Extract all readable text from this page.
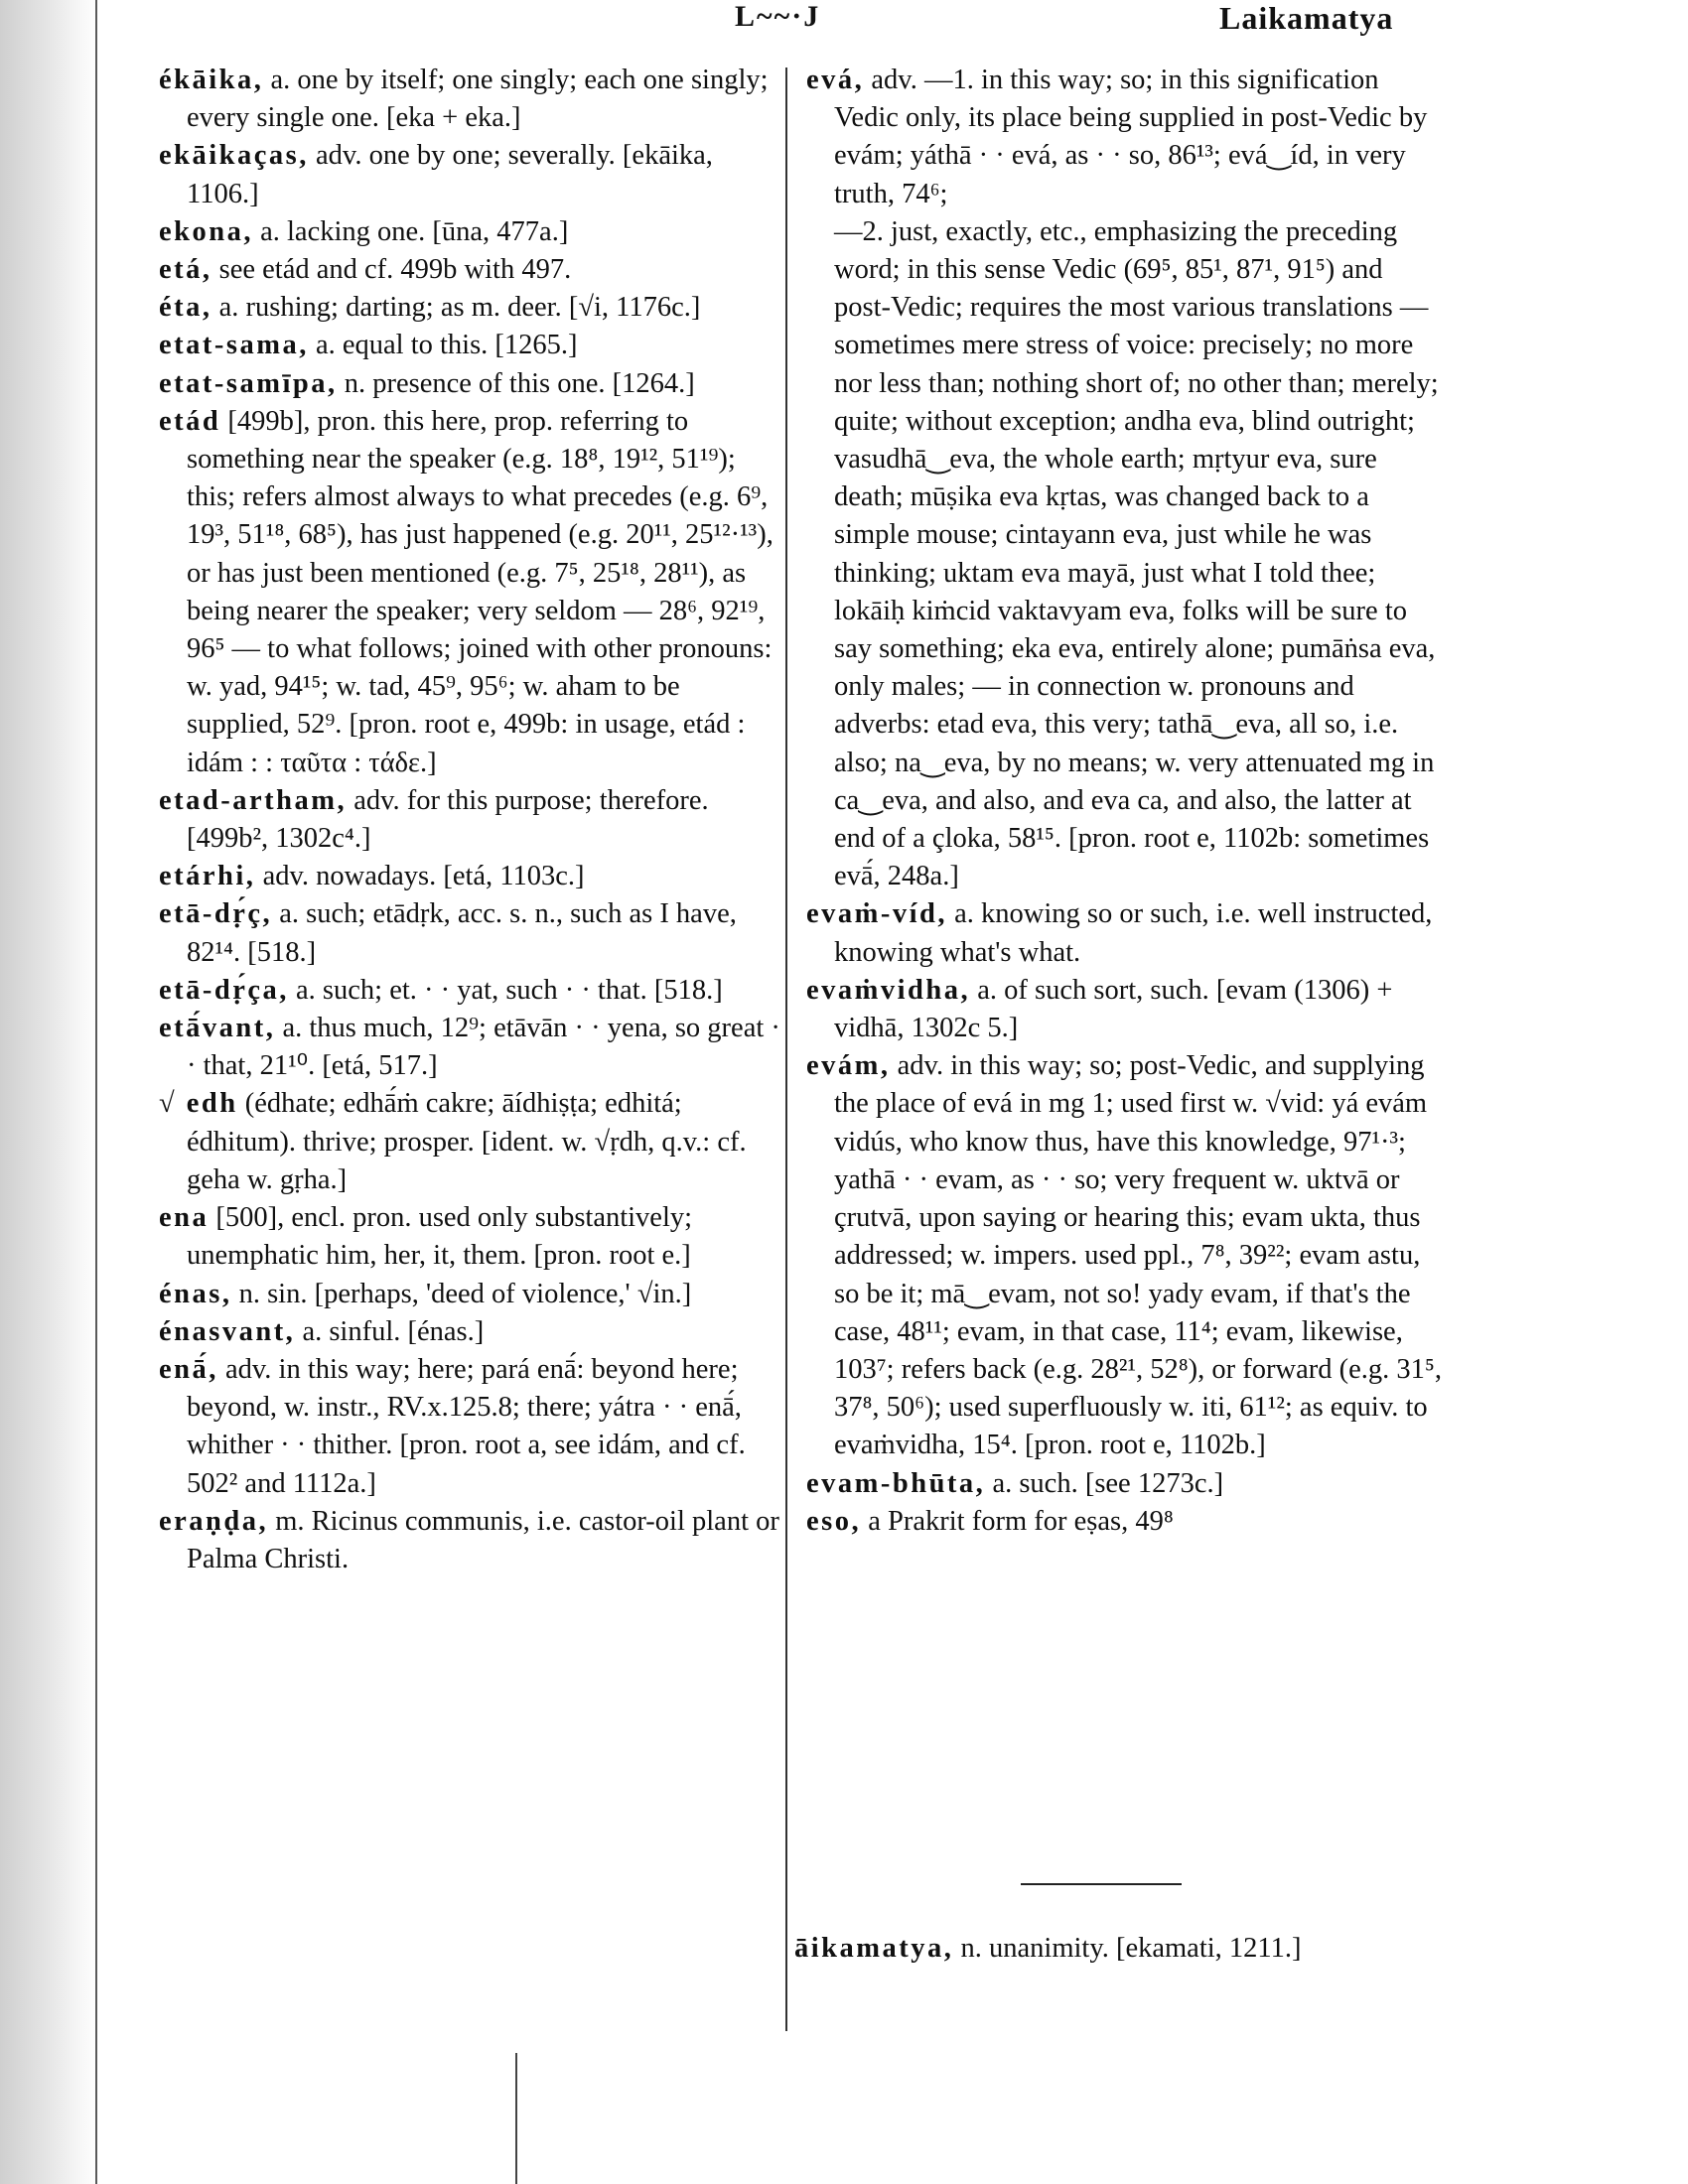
L~~·J	Laikamatya
ékāika, a. one by itself; one singly; each one singly; every single one. [eka + eka.]
ekāikaças, adv. one by one; severally. [ekāika, 1106.]
ekona, a. lacking one. [ūna, 477a.]
etá, see etád and cf. 499b with 497.
éta, a. rushing; darting; as m. deer. [√i, 1176c.]
etat-sama, a. equal to this. [1265.]
etat-samīpa, n. presence of this one. [1264.]
etád [499b], pron. this here, prop. referring to something near the speaker (e.g. 18⁸, 19¹², 51¹⁹); this; refers almost always to what precedes (e.g. 6⁹, 19³, 51¹⁸, 68⁵), has just happened (e.g. 20¹¹, 25¹²·¹³), or has just been mentioned (e.g. 7⁵, 25¹⁸, 28¹¹), as being nearer the speaker; very seldom — 28⁶, 92¹⁹, 96⁵ — to what follows; joined with other pronouns: w. yad, 94¹⁵; w. tad, 45⁹, 95⁶; w. aham to be supplied, 52⁹. [pron. root e, 499b: in usage, etád : idám : : ταῦτα : τάδε.]
etad-artham, adv. for this purpose; therefore. [499b², 1302c⁴.]
etárhi, adv. nowadays. [etá, 1103c.]
etā-dṛ́ç, a. such; etādṛk, acc. s. n., such as I have, 82¹⁴. [518.]
etā-dṛ́ça, a. such; et. · · yat, such · · that. [518.]
etā́vant, a. thus much, 12⁹; etāvān · · yena, so great · · that, 21¹⁰. [etá, 517.]
√ edh (édhate; edhā́ṁ cakre; āídhiṣṭa; edhitá; édhitum). thrive; prosper. [ident. w. √ṛdh, q.v.: cf. geha w. gṛha.]
ena [500], encl. pron. used only substantively; unemphatic him, her, it, them. [pron. root e.]
énas, n. sin. [perhaps, 'deed of violence,' √in.]
énasvant, a. sinful. [énas.]
enā́, adv. in this way; here; pará enā́: beyond here; beyond, w. instr., RV.x.125.8; there; yátra · · enā́, whither · · thither. [pron. root a, see idám, and cf. 502² and 1112a.]
eraṇḍa, m. Ricinus communis, i.e. castor-oil plant or Palma Christi.
evá, adv. —1. in this way; so; in this signification Vedic only, its place being supplied in post-Vedic by evám; yáthā · · evá, as · · so, 86¹³; evá‿íd, in very truth, 74⁶;
—2. just, exactly, etc., emphasizing the preceding word; in this sense Vedic (69⁵, 85¹, 87¹, 91⁵) and post-Vedic; requires the most various translations — sometimes mere stress of voice: precisely; no more nor less than; nothing short of; no other than; merely; quite; without exception; andha eva, blind outright; vasudhā‿eva, the whole earth; mṛtyur eva, sure death; mūṣika eva kṛtas, was changed back to a simple mouse; cintayann eva, just while he was thinking; uktam eva mayā, just what I told thee; lokāiḥ kiṁcid vaktavyam eva, folks will be sure to say something; eka eva, entirely alone; pumāṅsa eva, only males; — in connection w. pronouns and adverbs: etad eva, this very; tathā‿eva, all so, i.e. also; na‿eva, by no means; w. very attenuated mg in ca‿eva, and also, and eva ca, and also, the latter at end of a çloka, 58¹⁵. [pron. root e, 1102b: sometimes evā́, 248a.]
evaṁ-víd, a. knowing so or such, i.e. well instructed, knowing what's what.
evaṁvidha, a. of such sort, such. [evam (1306) + vidhā, 1302c 5.]
evám, adv. in this way; so; post-Vedic, and supplying the place of evá in mg 1; used first w. √vid: yá evám vidús, who know thus, have this knowledge, 97¹·³; yathā · · evam, as · · so; very frequent w. uktvā or çrutvā, upon saying or hearing this; evam ukta, thus addressed; w. impers. used ppl., 7⁸, 39²²; evam astu, so be it; mā‿evam, not so! yady evam, if that's the case, 48¹¹; evam, in that case, 11⁴; evam, likewise, 103⁷; refers back (e.g. 28²¹, 52⁸), or forward (e.g. 31⁵, 37⁸, 50⁶); used superfluously w. iti, 61¹²; as equiv. to evaṁvidha, 15⁴. [pron. root e, 1102b.]
evam-bhūta, a. such. [see 1273c.]
eso, a Prakrit form for eṣas, 49⁸
āikamatya, n. unanimity. [ekamati, 1211.]
